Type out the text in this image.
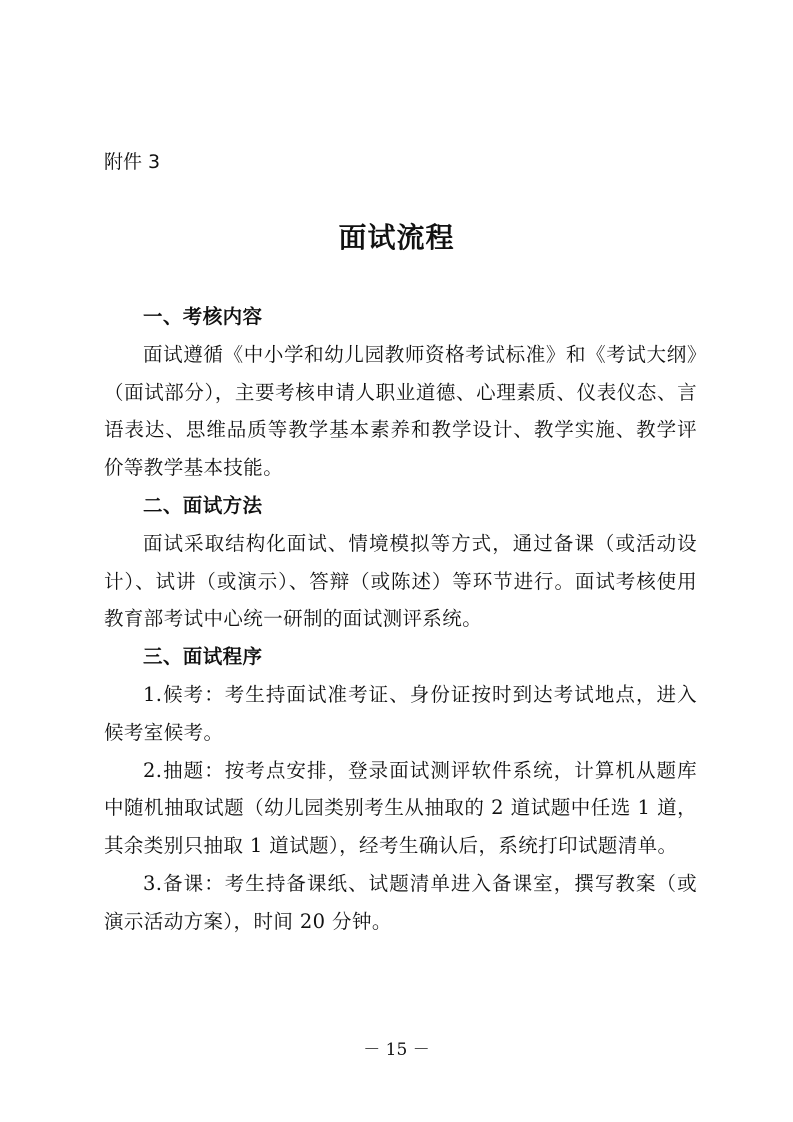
附件 3
面试流程
一、考核内容

面试遵循《中小学和幼儿园教师资格考试标准》和《考试大纲》（面试部分），主要考核申请人职业道德、心理素质、仪表仪态、言语表达、思维品质等教学基本素养和教学设计、教学实施、教学评价等教学基本技能。

二、面试方法

面试采取结构化面试、情境模拟等方式，通过备课（或活动设计）、试讲（或演示）、答辩（或陈述）等环节进行。面试考核使用教育部考试中心统一研制的面试测评系统。

三、面试程序

1.候考：考生持面试准考证、身份证按时到达考试地点，进入候考室候考。

2.抽题：按考点安排，登录面试测评软件系统，计算机从题库中随机抽取试题（幼儿园类别考生从抽取的 2 道试题中任选 1 道，其余类别只抽取 1 道试题），经考生确认后，系统打印试题清单。

3.备课：考生持备课纸、试题清单进入备课室，撰写教案（或演示活动方案），时间 20 分钟。

－ 15 －
